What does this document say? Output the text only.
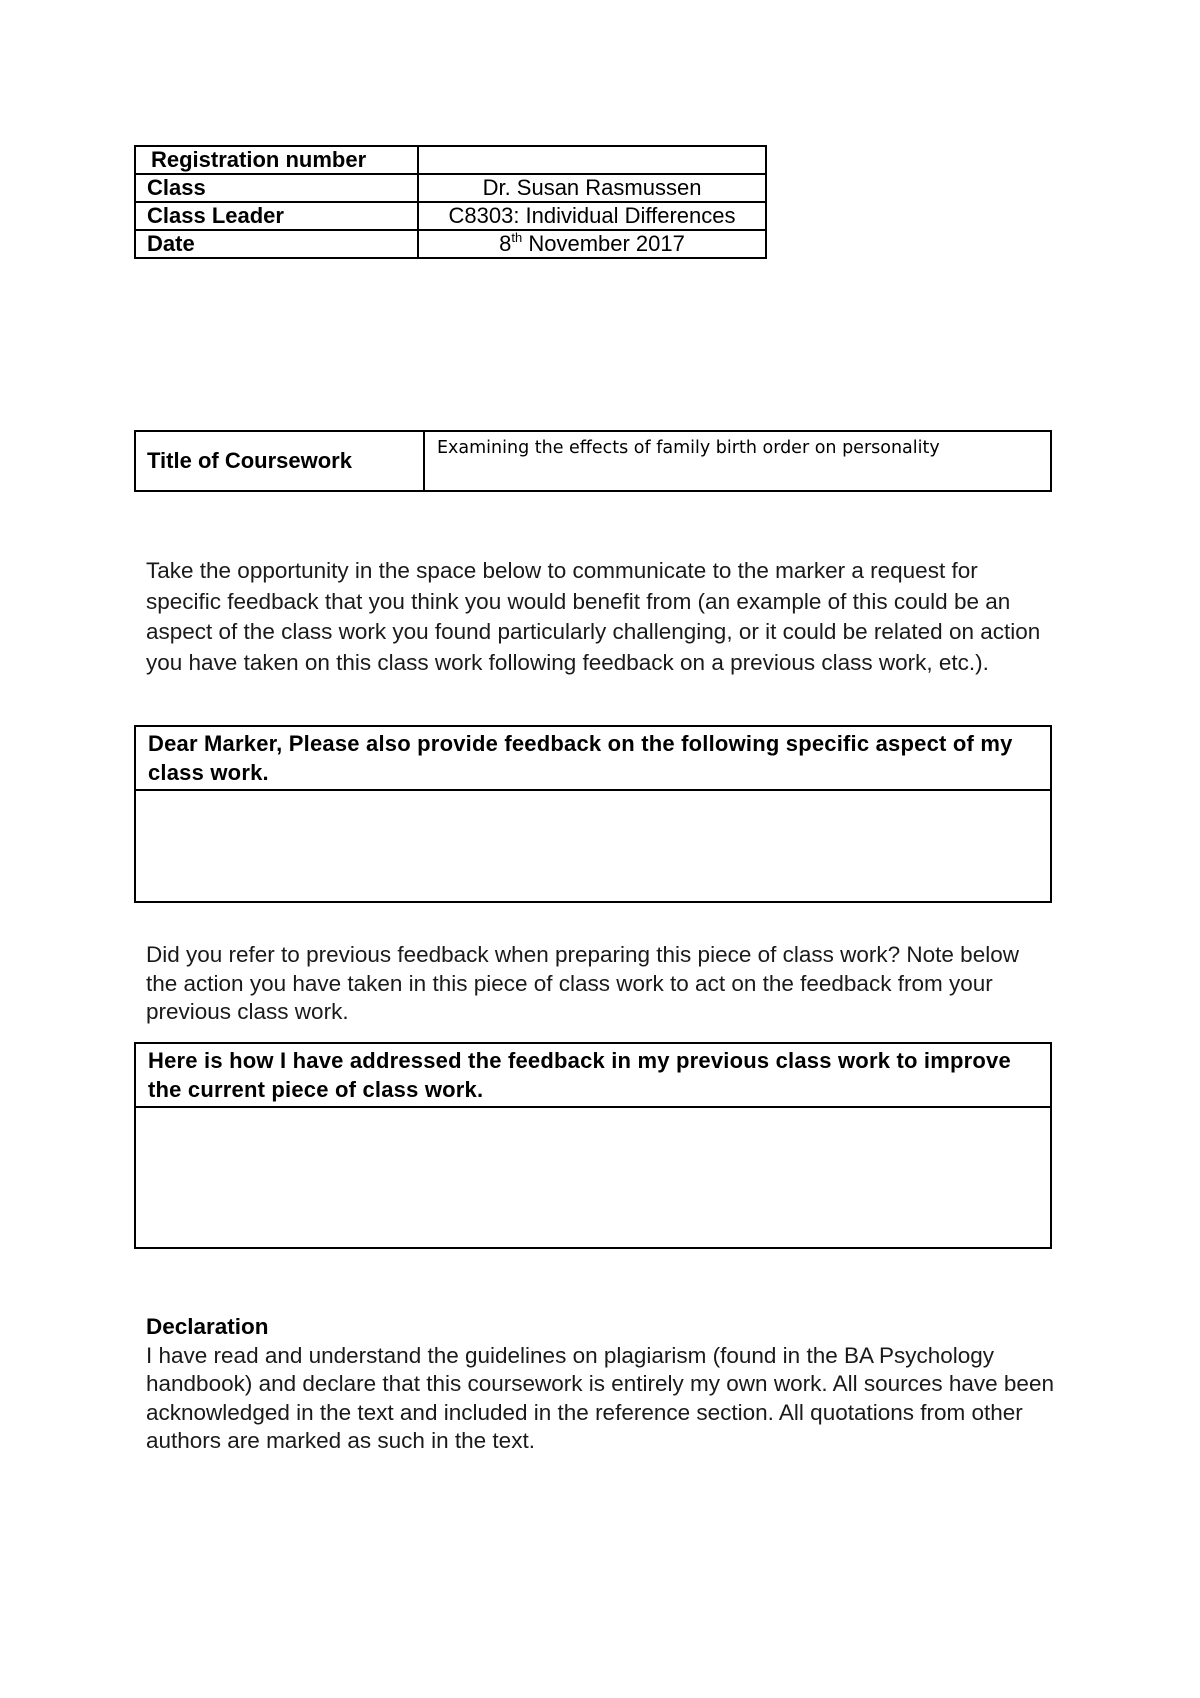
Registration number	
Class	Dr. Susan Rasmussen
Class Leader	C8303: Individual Differences
Date	8th November 2017
Title of Coursework	Examining the effects of family birth order on personality

Take the opportunity in the space below to communicate to the marker a request for specific feedback that you think you would benefit from (an example of this could be an aspect of the class work you found particularly challenging, or it could be related on action you have taken on this class work following feedback on a previous class work, etc.).

Dear Marker, Please also provide feedback on the following specific aspect of my class work.

Did you refer to previous feedback when preparing this piece of class work? Note below the action you have taken in this piece of class work to act on the feedback from your previous class work.

Here is how I have addressed the feedback in my previous class work to improve the current piece of class work.

Declaration
I have read and understand the guidelines on plagiarism (found in the BA Psychology handbook) and declare that this coursework is entirely my own work. All sources have been acknowledged in the text and included in the reference section. All quotations from other authors are marked as such in the text.
